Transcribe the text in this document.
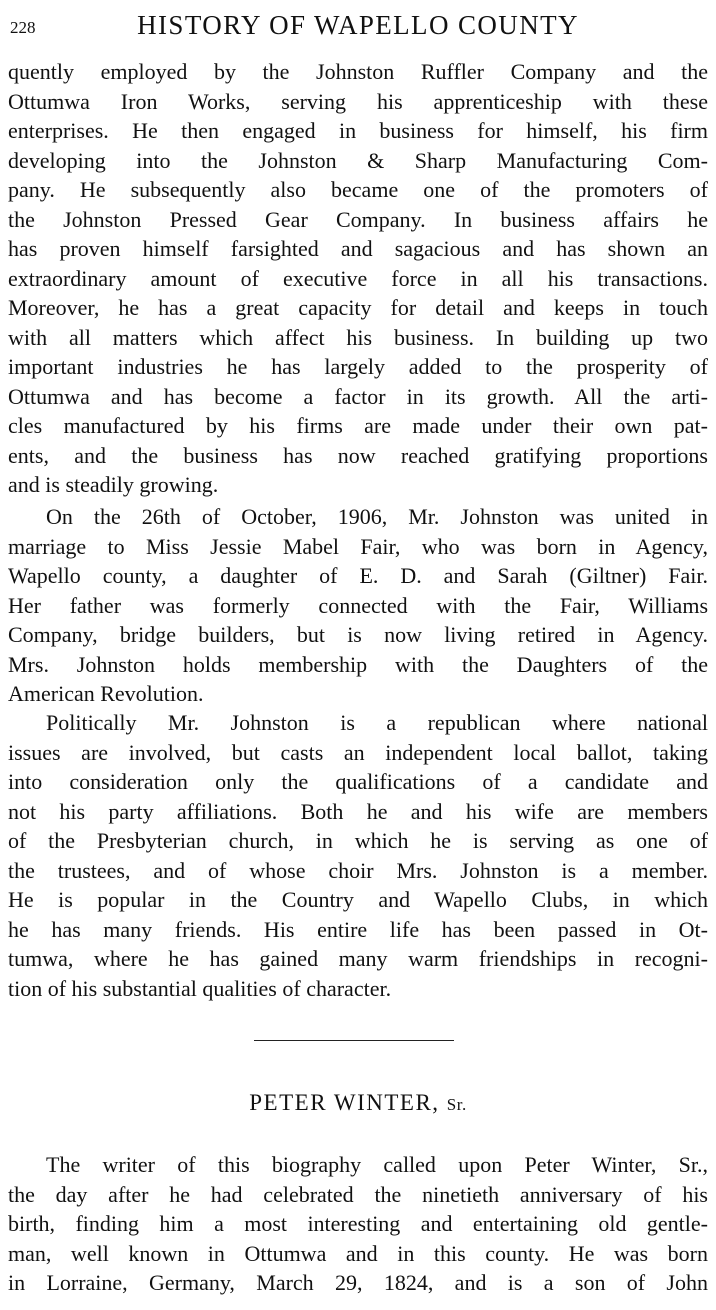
228	HISTORY OF WAPELLO COUNTY
quently employed by the Johnston Ruffler Company and the
Ottumwa Iron Works, serving his apprenticeship with these
enterprises. He then engaged in business for himself, his firm
developing into the Johnston & Sharp Manufacturing Com-
pany. He subsequently also became one of the promoters of
the Johnston Pressed Gear Company. In business affairs he
has proven himself farsighted and sagacious and has shown an
extraordinary amount of executive force in all his transactions.
Moreover, he has a great capacity for detail and keeps in touch
with all matters which affect his business. In building up two
important industries he has largely added to the prosperity of
Ottumwa and has become a factor in its growth. All the arti-
cles manufactured by his firms are made under their own pat-
ents, and the business has now reached gratifying proportions
and is steadily growing.
On the 26th of October, 1906, Mr. Johnston was united in
marriage to Miss Jessie Mabel Fair, who was born in Agency,
Wapello county, a daughter of E. D. and Sarah (Giltner) Fair.
Her father was formerly connected with the Fair, Williams
Company, bridge builders, but is now living retired in Agency.
Mrs. Johnston holds membership with the Daughters of the
American Revolution.
Politically Mr. Johnston is a republican where national
issues are involved, but casts an independent local ballot, taking
into consideration only the qualifications of a candidate and
not his party affiliations. Both he and his wife are members
of the Presbyterian church, in which he is serving as one of
the trustees, and of whose choir Mrs. Johnston is a member.
He is popular in the Country and Wapello Clubs, in which
he has many friends. His entire life has been passed in Ot-
tumwa, where he has gained many warm friendships in recogni-
tion of his substantial qualities of character.
PETER WINTER, Sr.
The writer of this biography called upon Peter Winter, Sr.,
the day after he had celebrated the ninetieth anniversary of his
birth, finding him a most interesting and entertaining old gentle-
man, well known in Ottumwa and in this county. He was born
in Lorraine, Germany, March 29, 1824, and is a son of John
